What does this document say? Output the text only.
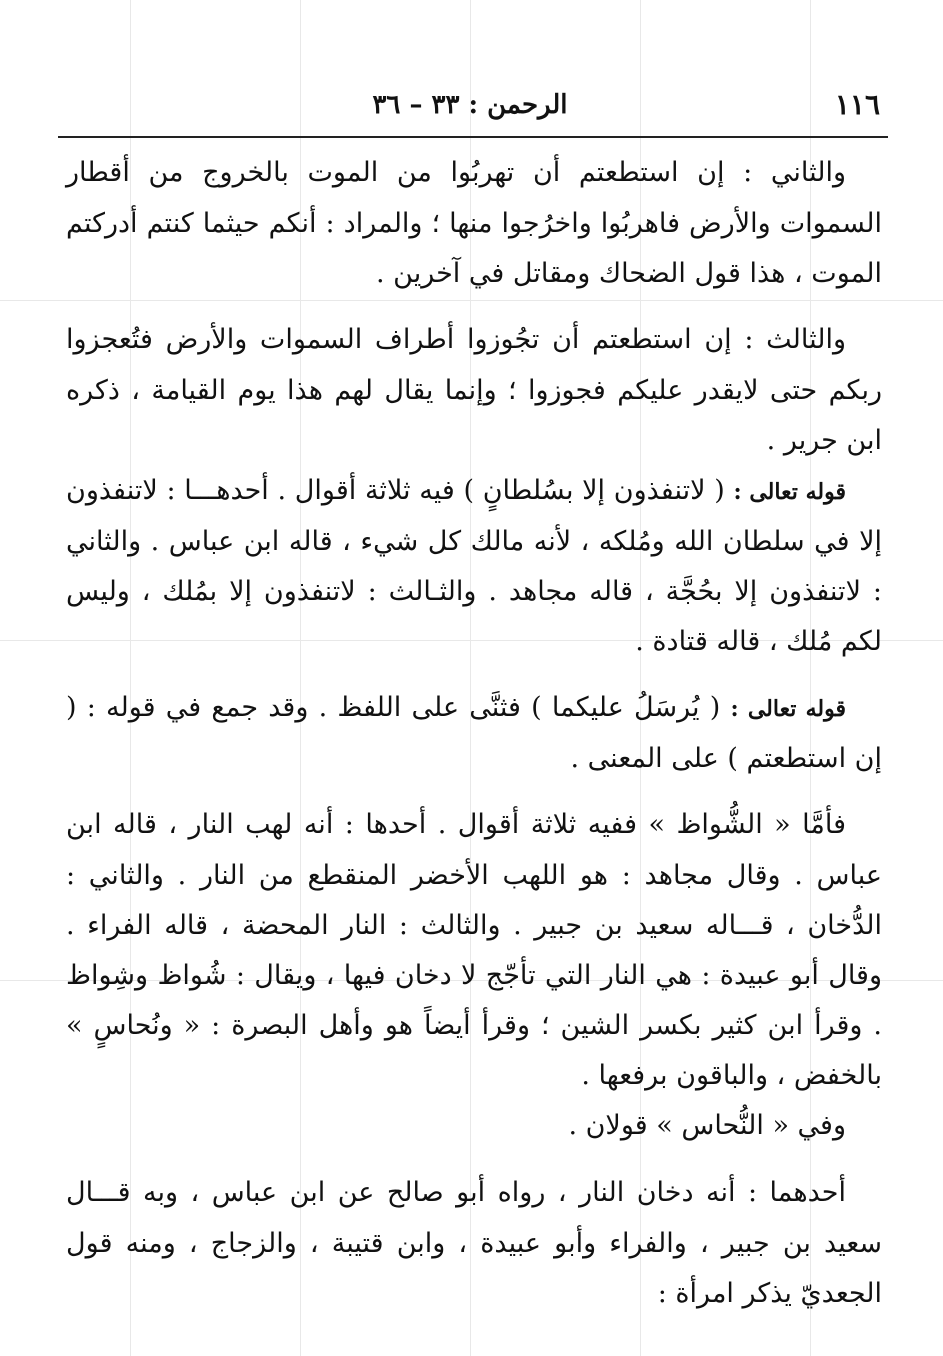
١١٦
الرحمن : ٣٣ – ٣٦

والثاني : إن استطعتم أن تهربُوا من الموت بالخروج من أقطار السموات والأرض فاهربُوا واخرُجوا منها ؛ والمراد : أنكم حيثما كنتم أدركتم الموت ، هذا قول الضحاك ومقاتل في آخرين .

والثالث : إن استطعتم أن تجُوزوا أطراف السموات والأرض فتُعجزوا ربكم حتى لايقدر عليكم فجوزوا ؛ وإنما يقال لهم هذا يوم القيامة ، ذكره ابن جرير .

قوله تعالى : ( لاتنفذون إلا بسُلطانٍ ) فيه ثلاثة أقوال . أحدهـــا : لاتنفذون إلا في سلطان الله ومُلكه ، لأنه مالك كل شيء ، قاله ابن عباس . والثاني : لاتنفذون إلا بحُجَّة ، قاله مجاهد . والثـالث : لاتنفذون إلا بمُلك ، وليس لكم مُلك ، قاله قتادة .

قوله تعالى : ( يُرسَلُ عليكما ) فثنَّى على اللفظ . وقد جمع في قوله : ( إن استطعتم ) على المعنى .

فأمَّا « الشُّواظ » ففيه ثلاثة أقوال . أحدها : أنه لهب النار ، قاله ابن عباس . وقال مجاهد : هو اللهب الأخضر المنقطع من النار . والثاني : الدُّخان ، قـــاله سعيد بن جبير . والثالث : النار المحضة ، قاله الفراء . وقال أبو عبيدة : هي النار التي تأجّج لا دخان فيها ، ويقال : شُواظ وشِواظ . وقرأ ابن كثير بكسر الشين ؛ وقرأ أيضاً هو وأهل البصرة : « ونُحاسٍ » بالخفض ، والباقون برفعها .

وفي « النُّحاس » قولان .

أحدهما : أنه دخان النار ، رواه أبو صالح عن ابن عباس ، وبه قـــال سعيد بن جبير ، والفراء وأبو عبيدة ، وابن قتيبة ، والزجاج ، ومنه قول الجعديّ يذكر امرأة :
